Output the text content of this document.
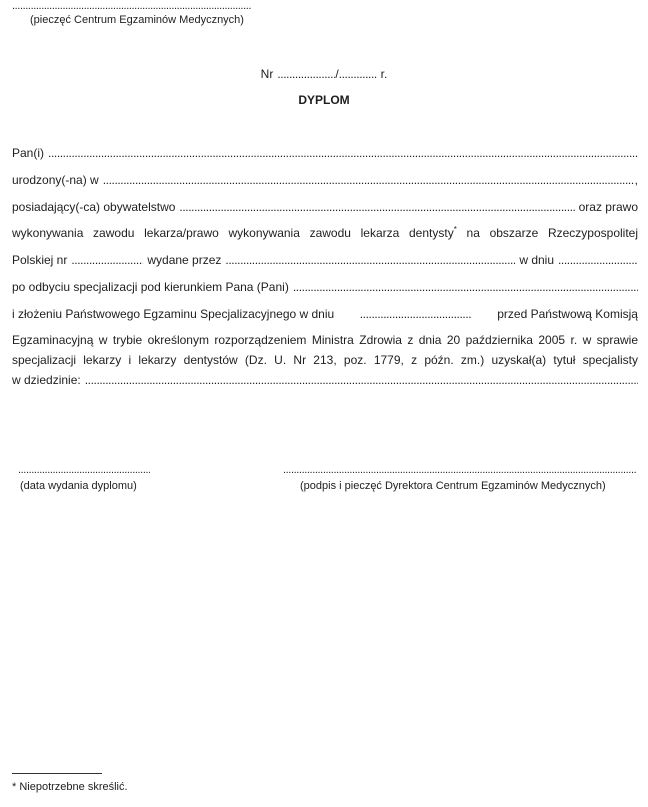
.....
(pieczęć Centrum Egzaminów Medycznych)
Nr .....	/ .....	r.
DYPLOM
Pan(i)
.....
urodzony(-na) w .....	,
posiadający(-ca) obywatelstwo .....	oraz prawo
wykonywania zawodu lekarza/prawo wykonywania zawodu lekarza dentysty* na obszarze Rzeczypospolitej
Polskiej nr .....	wydane przez .....	w dniu
.....
po odbyciu specjalizacji pod kierunkiem Pana (Pani)
.....
i złożeniu Państwowego Egzaminu Specjalizacyjnego w dniu .....	przed Państwową Komisją
Egzaminacyjną w trybie określonym rozporządzeniem Ministra Zdrowia z dnia 20 października 2005 r. w sprawie
specjalizacji lekarzy i lekarzy dentystów (Dz. U. Nr 213, poz. 1779, z późn. zm.) uzyskał(a) tytuł specjalisty
w dziedzinie:
.....
.....
(data wydania dyplomu)
.....	(podpis i pieczęć Dyrektora Centrum Egzaminów Medycznych)
* Niepotrzebne skreślić.
